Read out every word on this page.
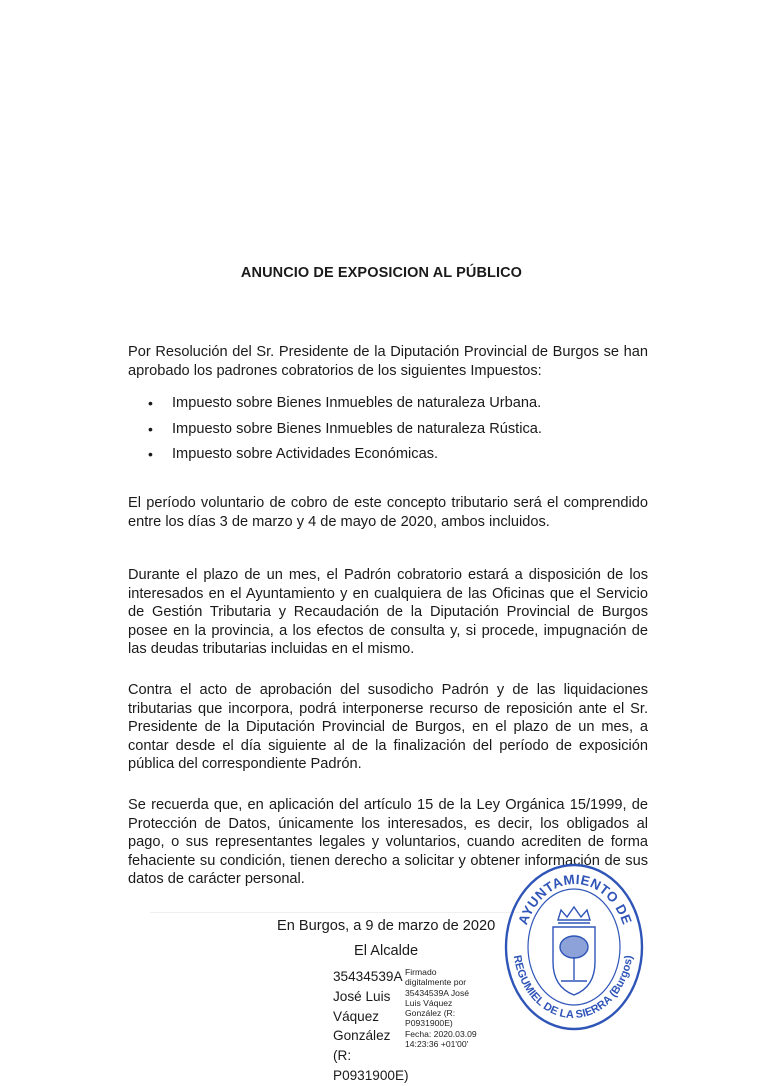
ANUNCIO DE EXPOSICION AL PÚBLICO

Por Resolución del Sr. Presidente de la Diputación Provincial de Burgos se han aprobado los padrones cobratorios de los siguientes Impuestos:

• Impuesto sobre Bienes Inmuebles de naturaleza Urbana.
• Impuesto sobre Bienes Inmuebles de naturaleza Rústica.
• Impuesto sobre Actividades Económicas.

El período voluntario de cobro de este concepto tributario será el comprendido entre los días 3 de marzo y 4 de mayo de 2020, ambos incluidos.

Durante el plazo de un mes, el Padrón cobratorio estará a disposición de los interesados en el Ayuntamiento y en cualquiera de las Oficinas que el Servicio de Gestión Tributaria y Recaudación de la Diputación Provincial de Burgos posee en la provincia, a los efectos de consulta y, si procede, impugnación de las deudas tributarias incluidas en el mismo.

Contra el acto de aprobación del susodicho Padrón y de las liquidaciones tributarias que incorpora, podrá interponerse recurso de reposición ante el Sr. Presidente de la Diputación Provincial de Burgos, en el plazo de un mes, a contar desde el día siguiente al de la finalización del período de exposición pública del correspondiente Padrón.

Se recuerda que, en aplicación del artículo 15 de la Ley Orgánica 15/1999, de Protección de Datos, únicamente los interesados, es decir, los obligados al pago, o sus representantes legales y voluntarios, cuando acrediten de forma fehaciente su condición, tienen derecho a solicitar y obtener información de sus datos de carácter personal.

En Burgos, a 9 de marzo de 2020
El Alcalde
35434539A
José Luis
Váquez
González (R:
P0931900E)
Firmado
digitalmente por
35434539A José
Luis Váquez
González (R:
P0931900E)
Fecha: 2020.03.09
14:23:36 +01'00'
AYUNTAMIENTO DE
REGUMIEL DE LA SIERRA (Burgos)
